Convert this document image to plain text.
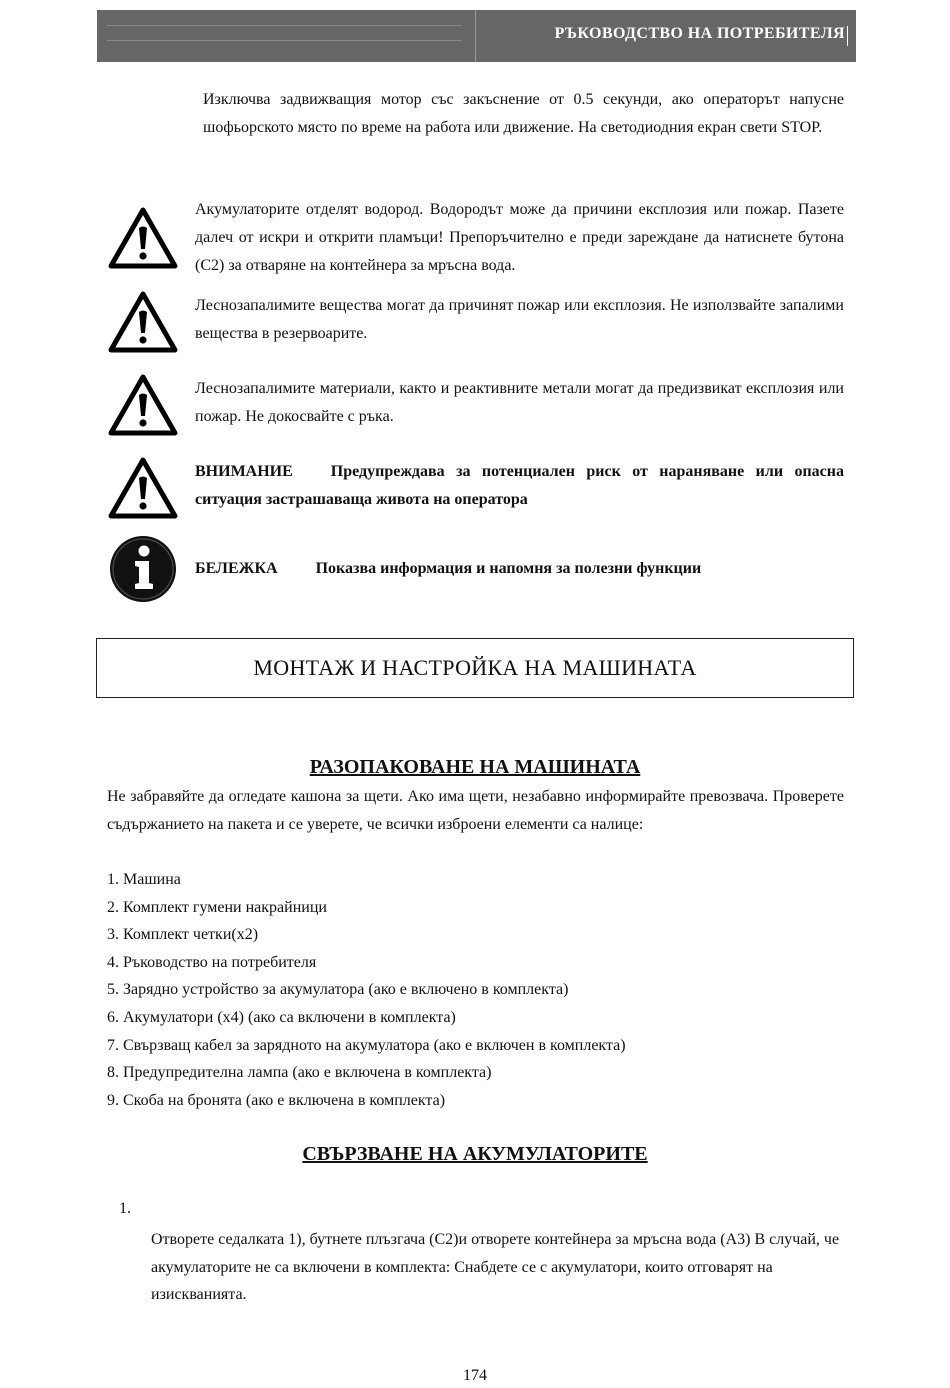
РЪКОВОДСТВО НА ПОТРЕБИТЕЛЯ
Изключва задвижващия мотор със закъснение от 0.5 секунди, ако операторът напусне шофьорското място по време на работа или движение. На светодиодния екран свети STOP.
Акумулаторите отделят водород. Водородът може да причини експлозия или пожар. Пазете далеч от искри и открити пламъци! Препоръчително е преди зареждане да натиснете бутона (C2) за отваряне на контейнера за мръсна вода.
Леснозапалимите вещества могат да причинят пожар или експлозия. Не използвайте запалими вещества в резервоарите.
Леснозапалимите материали, както и реактивните метали могат да предизвикат експлозия или пожар. Не докосвайте с ръка.
ВНИМАНИЕ Предупреждава за потенциален риск от нараняване или опасна ситуация застрашаваща живота на оператора
БЕЛЕЖКА Показва информация и напомня за полезни функции
МОНТАЖ И НАСТРОЙКА НА МАШИНАТА
РАЗОПАКОВАНЕ НА МАШИНАТА
Не забравяйте да огледате кашона за щети. Ако има щети, незабавно информирайте превозвача. Проверете съдържанието на пакета и се уверете, че всички изброени елементи са налице:
1. Машина
2. Комплект гумени накрайници
3. Комплект четки(x2)
4. Ръководство на потребителя
5. Зарядно устройство за акумулатора (ако е включено в комплекта)
6. Акумулатори (x4) (ако са включени в комплекта)
7. Свързващ кабел за зарядното на акумулатора (ако е включен в комплекта)
8. Предупредителна лампа (ако е включена в комплекта)
9. Скоба на бронята (ако е включена в комплекта)
СВЪРЗВАНЕ НА АКУМУЛАТОРИТЕ
1.
Отворете седалката 1), бутнете плъзгача (C2)и отворете контейнера за мръсна вода (A3) В случай, че акумулаторите не са включени в комплекта: Снабдете се с акумулатори, които отговарят на изискванията.
174
